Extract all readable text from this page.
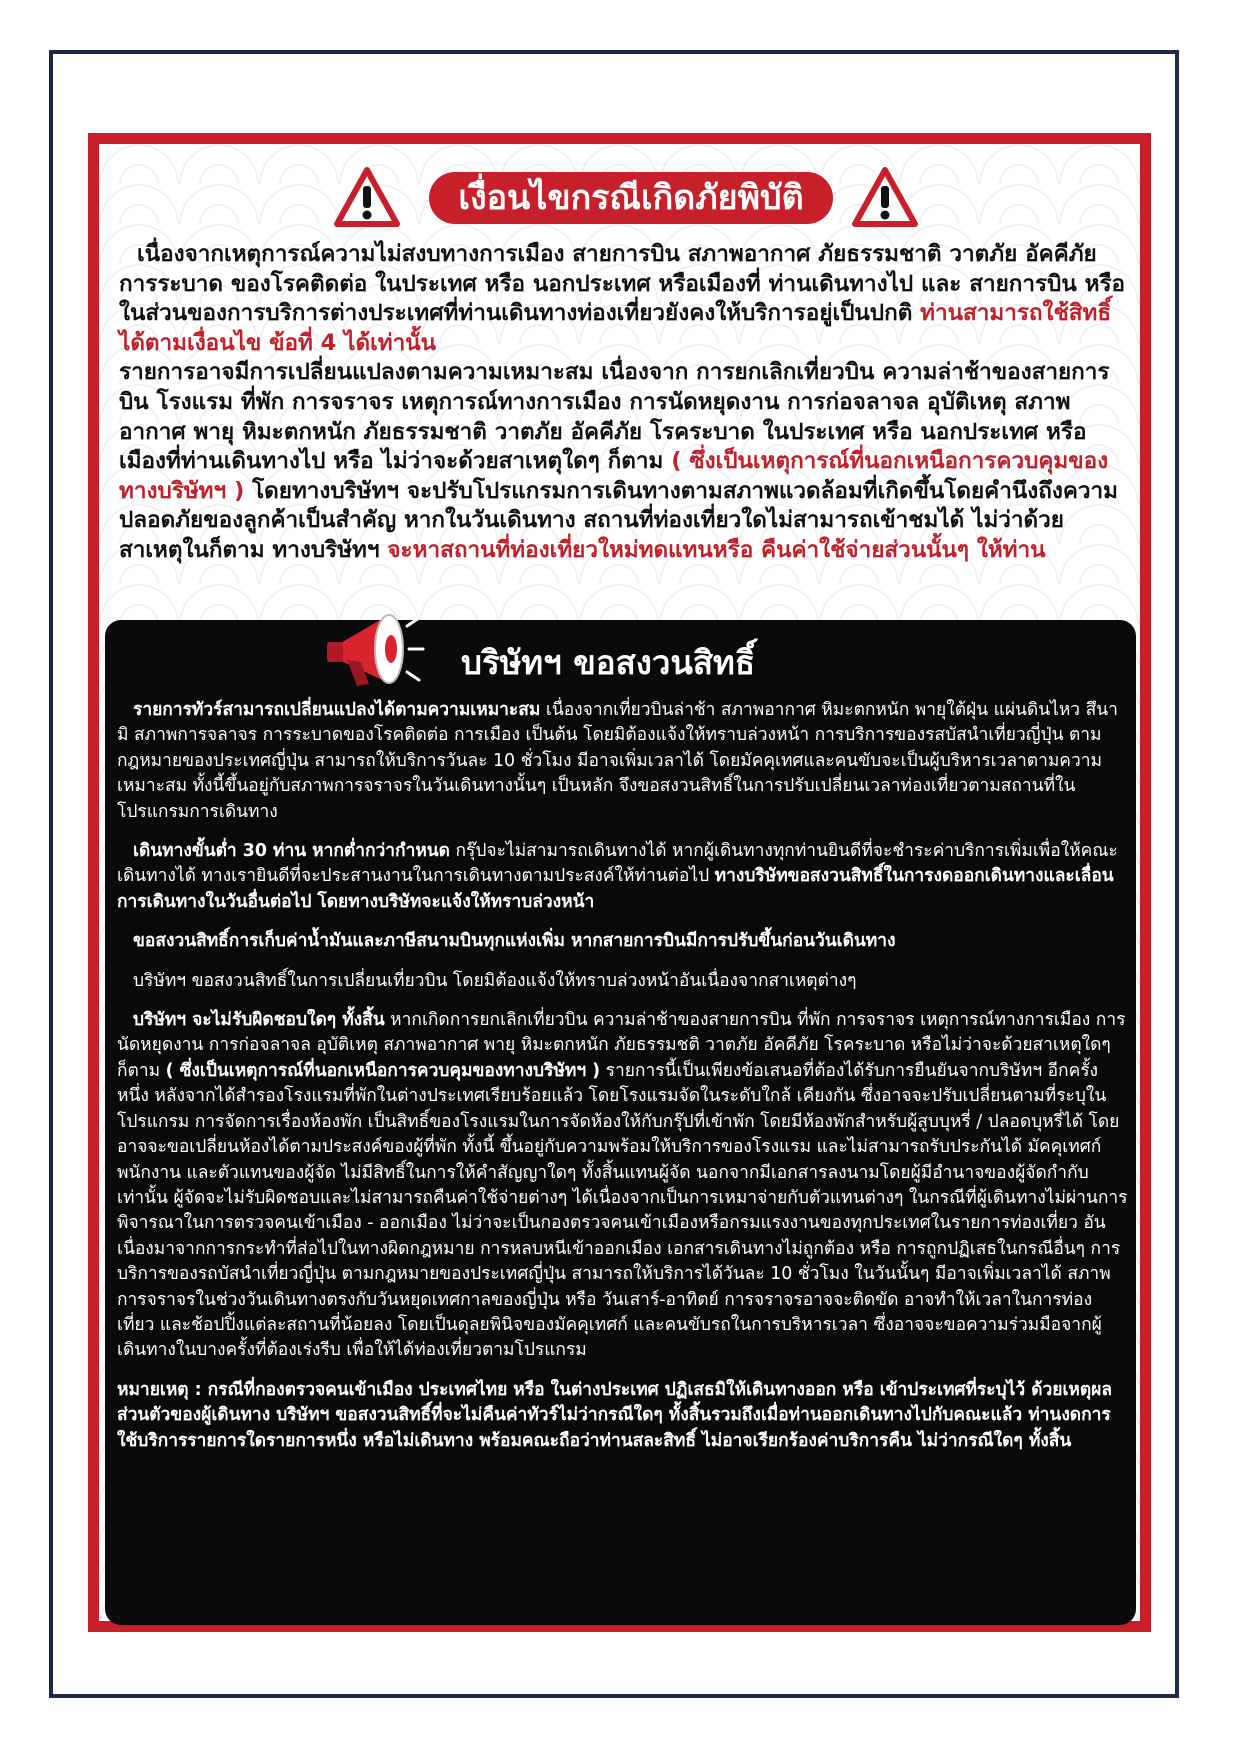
เงื่อนไขกรณีเกิดภัยพิบัติ

เนื่องจากเหตุการณ์ความไม่สงบทางการเมือง สายการบิน สภาพอากาศ ภัยธรรมชาติ วาตภัย อัคคีภัย การระบาด ของโรคติดต่อ ในประเทศ หรือ นอกประเทศ หรือเมืองที่ ท่านเดินทางไป และ สายการบิน หรือในส่วนของการบริการต่างประเทศที่ท่านเดินทางท่องเที่ยวยังคงให้บริการอยู่เป็นปกติ ท่านสามารถใช้สิทธิ์ได้ตามเงื่อนไข ข้อที่ 4 ได้เท่านั้น

รายการอาจมีการเปลี่ยนแปลงตามความเหมาะสม เนื่องจาก การยกเลิกเที่ยวบิน ความล่าช้าของสายการบิน โรงแรม ที่พัก การจราจร เหตุการณ์ทางการเมือง การนัดหยุดงาน การก่อจลาจล อุบัติเหตุ สภาพอากาศ พายุ หิมะตกหนัก ภัยธรรมชาติ วาตภัย อัคคีภัย โรคระบาด ในประเทศ หรือ นอกประเทศ หรือเมืองที่ท่านเดินทางไป หรือ ไม่ว่าจะด้วยสาเหตุใดๆ ก็ตาม ( ซึ่งเป็นเหตุการณ์ที่นอกเหนือการควบคุมของทางบริษัทฯ ) โดยทางบริษัทฯ จะปรับโปรแกรมการเดินทางตามสภาพแวดล้อมที่เกิดขึ้นโดยคำนึงถึงความปลอดภัยของลูกค้าเป็นสำคัญ หากในวันเดินทาง สถานที่ท่องเที่ยวใดไม่สามารถเข้าชมได้ ไม่ว่าด้วยสาเหตุในก็ตาม ทางบริษัทฯ จะหาสถานที่ท่องเที่ยวใหม่ทดแทนหรือ คืนค่าใช้จ่ายส่วนนั้นๆ ให้ท่าน

บริษัทฯ ขอสงวนสิทธิ์

รายการทัวร์สามารถเปลี่ยนแปลงได้ตามความเหมาะสม เนื่องจากเที่ยวบินล่าช้า สภาพอากาศ หิมะตกหนัก พายุใต้ฝุ่น แผ่นดินไหว สึนามิ สภาพการจลาจร การระบาดของโรคติดต่อ การเมือง เป็นต้น โดยมิต้องแจ้งให้ทราบล่วงหน้า การบริการของรสบัสนำเที่ยวญี่ปุ่น ตามกฎหมายของประเทศญี่ปุ่น สามารถให้บริการวันละ 10 ชั่วโมง มีอาจเพิ่มเวลาได้ โดยมัคคุเทศและคนขับจะเป็นผู้บริหารเวลาตามความเหมาะสม ทั้งนี้ขึ้นอยู่กับสภาพการจราจรในวันเดินทางนั้นๆ เป็นหลัก จึงขอสงวนสิทธิ์ในการปรับเปลี่ยนเวลาท่องเที่ยวตามสถานที่ในโปรแกรมการเดินทาง

เดินทางขั้นต่ำ 30 ท่าน หากต่ำกว่ากำหนด กรุ๊ปจะไม่สามารถเดินทางได้ หากผู้เดินทางทุกท่านยินดีที่จะชำระค่าบริการเพิ่มเพื่อให้คณะเดินทางได้ ทางเรายินดีที่จะประสานงานในการเดินทางตามประสงค์ให้ท่านต่อไป ทางบริษัทขอสงวนสิทธิ์ในการงดออกเดินทางและเลื่อนการเดินทางในวันอื่นต่อไป โดยทางบริษัทจะแจ้งให้ทราบล่วงหน้า

ขอสงวนสิทธิ์การเก็บค่าน้ำมันและภาษีสนามบินทุกแห่งเพิ่ม หากสายการบินมีการปรับขึ้นก่อนวันเดินทาง

บริษัทฯ ขอสงวนสิทธิ์ในการเปลี่ยนเที่ยวบิน โดยมิต้องแจ้งให้ทราบล่วงหน้าอันเนื่องจากสาเหตุต่างๆ

บริษัทฯ จะไม่รับผิดชอบใดๆ ทั้งสิ้น หากเกิดการยกเลิกเที่ยวบิน ความล่าช้าของสายการบิน ที่พัก การจราจร เหตุการณ์ทางการเมือง การนัดหยุดงาน การก่อจลาจล อุบัติเหตุ สภาพอากาศ พายุ หิมะตกหนัก ภัยธรรมชติ วาตภัย อัคคีภัย โรคระบาด หรือไม่ว่าจะด้วยสาเหตุใดๆ ก็ตาม ( ซึ่งเป็นเหตุการณ์ที่นอกเหนือการควบคุมของทางบริษัทฯ ) รายการนี้เป็นเพียงข้อเสนอที่ต้องได้รับการยืนยันจากบริษัทฯ อีกครั้งหนึ่ง หลังจากได้สำรองโรงแรมที่พักในต่างประเทศเรียบร้อยแล้ว โดยโรงแรมจัดในระดับใกล้ เคียงกัน ซึ่งอาจจะปรับเปลี่ยนตามที่ระบุในโปรแกรม การจัดการเรื่องห้องพัก เป็นสิทธิ์ของโรงแรมในการจัดห้องให้กับกรุ๊ปที่เข้าพัก โดยมีห้องพักสำหรับผู้สูบบุหรี่ / ปลอดบุหรี่ได้ โดยอาจจะขอเปลี่ยนห้องได้ตามประสงค์ของผู้ที่พัก ทั้งนี้ ขึ้นอยู่กับความพร้อมให้บริการของโรงแรม และไม่สามารถรับประกันได้ มัคคุเทศก์ พนักงาน และตัวแทนของผู้จัด ไม่มีสิทธิ์ในการให้คำสัญญาใดๆ ทั้งสิ้นแทนผู้จัด นอกจากมีเอกสารลงนามโดยผู้มีอำนาจของผู้จัดกำกับเท่านั้น ผู้จัดจะไม่รับผิดชอบและไม่สามารถคืนค่าใช้จ่ายต่างๆ ได้เนื่องจากเป็นการเหมาจ่ายกับตัวแทนต่างๆ ในกรณีที่ผู้เดินทางไม่ผ่านการพิจารณาในการตรวจคนเข้าเมือง - ออกเมือง ไม่ว่าจะเป็นกองตรวจคนเข้าเมืองหรือกรมแรงงานของทุกประเทศในรายการท่องเที่ยว อันเนื่องมาจากการกระทำที่ส่อไปในทางผิดกฎหมาย การหลบหนีเข้าออกเมือง เอกสารเดินทางไม่ถูกต้อง หรือ การถูกปฏิเสธในกรณีอื่นๆ การบริการของรถบัสนำเที่ยวญี่ปุ่น ตามกฎหมายของประเทศญี่ปุ่น สามารถให้บริการได้วันละ 10 ชั่วโมง ในวันนั้นๆ มีอาจเพิ่มเวลาได้ สภาพการจราจรในช่วงวันเดินทางตรงกับวันหยุดเทศกาลของญี่ปุ่น หรือ วันเสาร์-อาทิตย์ การจราจรอาจจะติดขัด อาจทำให้เวลาในการท่องเที่ยว และช้อปปิ้งแต่ละสถานที่น้อยลง โดยเป็นดุลยพินิจของมัคคุเทศก์ และคนขับรถในการบริหารเวลา ซึ่งอาจจะขอความร่วมมือจากผู้เดินทางในบางครั้งที่ต้องเร่งรีบ เพื่อให้ได้ท่องเที่ยวตามโปรแกรม

หมายเหตุ : กรณีที่กองตรวจคนเข้าเมือง ประเทศไทย หรือ ในต่างประเทศ ปฏิเสธมิให้เดินทางออก หรือ เข้าประเทศที่ระบุไว้ ด้วยเหตุผลส่วนตัวของผู้เดินทาง บริษัทฯ ขอสงวนสิทธิ์ที่จะไม่คืนค่าทัวร์ไม่ว่ากรณีใดๆ ทั้งสิ้นรวมถึงเมื่อท่านออกเดินทางไปกับคณะแล้ว ท่านงดการใช้บริการรายการใดรายการหนึ่ง หรือไม่เดินทาง พร้อมคณะถือว่าท่านสละสิทธิ์ ไม่อาจเรียกร้องค่าบริการคืน ไม่ว่ากรณีใดๆ ทั้งสิ้น
